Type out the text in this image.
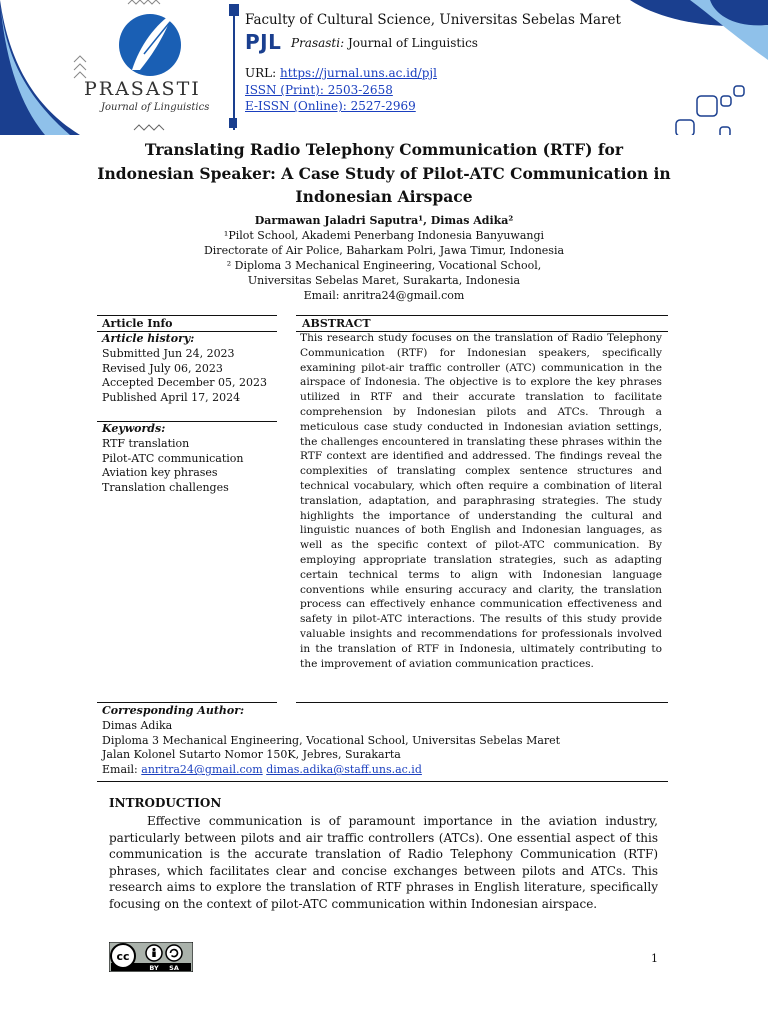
PRASASTI
Journal of Linguistics
Faculty of Cultural Science, Universitas Sebelas Maret
PJL Prasasti: Journal of Linguistics
URL: https://jurnal.uns.ac.id/pjl
ISSN (Print): 2503-2658
E-ISSN (Online): 2527-2969
Translating Radio Telephony Communication (RTF) for
Indonesian Speaker: A Case Study of Pilot-ATC Communication in
Indonesian Airspace
Darmawan Jaladri Saputra¹, Dimas Adika²
¹Pilot School, Akademi Penerbang Indonesia Banyuwangi
Directorate of Air Police, Baharkam Polri, Jawa Timur, Indonesia
² Diploma 3 Mechanical Engineering, Vocational School,
Universitas Sebelas Maret, Surakarta, Indonesia
Email: anritra24@gmail.com
Article Info	ABSTRACT
Article history:
Submitted Jun 24, 2023
Revised July 06, 2023
Accepted December 05, 2023
Published April 17, 2024
Keywords:
RTF translation
Pilot-ATC communication
Aviation key phrases
Translation challenges
This research study focuses on the translation of Radio Telephony Communication (RTF) for Indonesian speakers, specifically examining pilot-air traffic controller (ATC) communication in the airspace of Indonesia. The objective is to explore the key phrases utilized in RTF and their accurate translation to facilitate comprehension by Indonesian pilots and ATCs. Through a meticulous case study conducted in Indonesian aviation settings, the challenges encountered in translating these phrases within the RTF context are identified and addressed. The findings reveal the complexities of translating complex sentence structures and technical vocabulary, which often require a combination of literal translation, adaptation, and paraphrasing strategies. The study highlights the importance of understanding the cultural and linguistic nuances of both English and Indonesian languages, as well as the specific context of pilot-ATC communication. By employing appropriate translation strategies, such as adapting certain technical terms to align with Indonesian language conventions while ensuring accuracy and clarity, the translation process can effectively enhance communication effectiveness and safety in pilot-ATC interactions. The results of this study provide valuable insights and recommendations for professionals involved in the translation of RTF in Indonesia, ultimately contributing to the improvement of aviation communication practices.
Corresponding Author:
Dimas Adika
Diploma 3 Mechanical Engineering, Vocational School, Universitas Sebelas Maret
Jalan Kolonel Sutarto Nomor 150K, Jebres, Surakarta
Email: anritra24@gmail.com dimas.adika@staff.uns.ac.id
INTRODUCTION
Effective communication is of paramount importance in the aviation industry, particularly between pilots and air traffic controllers (ATCs). One essential aspect of this communication is the accurate translation of Radio Telephony Communication (RTF) phrases, which facilitates clear and concise exchanges between pilots and ATCs. This research aims to explore the translation of RTF phrases in English literature, specifically focusing on the context of pilot-ATC communication within Indonesian airspace.
cc
BY SA
1
